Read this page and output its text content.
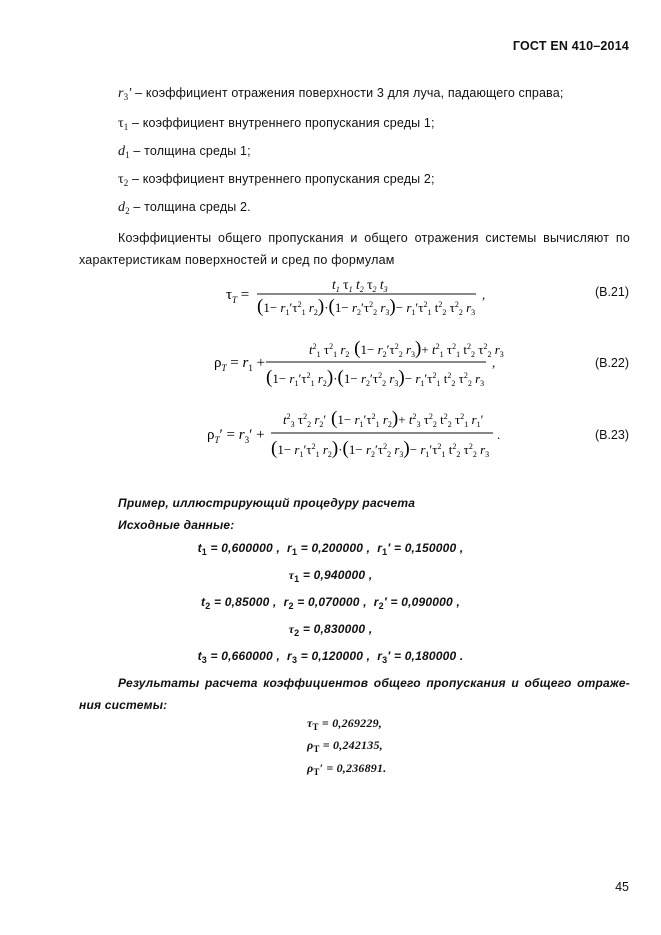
ГОСТ EN 410–2014
$r_3'$ – коэффициент отражения поверхности 3 для луча, падающего справа;
$\tau_1$ – коэффициент внутреннего пропускания среды 1;
$d_1$ – толщина среды 1;
$\tau_2$ – коэффициент внутреннего пропускания среды 2;
$d_2$ – толщина среды 2.
Коэффициенты общего пропускания и общего отражения системы вычисляют по
характеристикам поверхностей и сред по формулам
$\tau_T$ =
$t_1$ $\tau_1$ $t_2$ $\tau_2$ $t_3$
($1- r_1'\tau^2_1$ $r_2)\cdot(1- r_2'\tau^2_2$ $r_3)- r_1'\tau^2_1$ $t^2_2$ $\tau^2_2$ $r_3$
,	(B.21)
$\rho_T = r_1$ +
$t^2_1$ $\tau^2_1$ $r_2$ ($1- r_2'\tau^2_2$ $r_3)+ t^2_1$ $\tau^2_1$ $t^2_2$ $\tau^2_2$ $r_3$
($1- r_1'\tau^2_1$ $r_2)\cdot(1- r_2'\tau^2_2$ $r_3)- r_1'\tau^2_1$ $t^2_2$ $\tau^2_2$ $r_3$
,	(B.22)
$\rho_T' = r_3'$ +
$t^2_3$ $\tau^2_2$ $r_2'$ ($1- r_1'\tau^2_1$ $r_2)+ t^2_3$ $\tau^2_2$ $t^2_2$ $\tau^2_1$ $r_1'$
($1- r_1'\tau^2_1$ $r_2)\cdot(1- r_2'\tau^2_2$ $r_3)- r_1'\tau^2_1$ $t^2_2$ $\tau^2_2$ $r_3$
.	(B.23)
Пример, иллюстрирующий процедуру расчета
Исходные данные:
$t_1 = 0,600000$ ,  $r_1 = 0,200000$ ,  $r_1' = 0,150000$ ,
$\tau_1 = 0,940000$ ,
$t_2 = 0,85000$ ,  $r_2 = 0,070000$ ,  $r_2' = 0,090000$ ,
$\tau_2 = 0,830000$ ,
$t_3 = 0,660000$ ,  $r_3 = 0,120000$ ,  $r_3' = 0,180000$ .
Результаты расчета коэффициентов общего пропускания и общего отраже-
ния системы:
$\tau_T = 0,269229$,
$\rho_T = 0,242135$,
$\rho_T' = 0,236891$.
45
